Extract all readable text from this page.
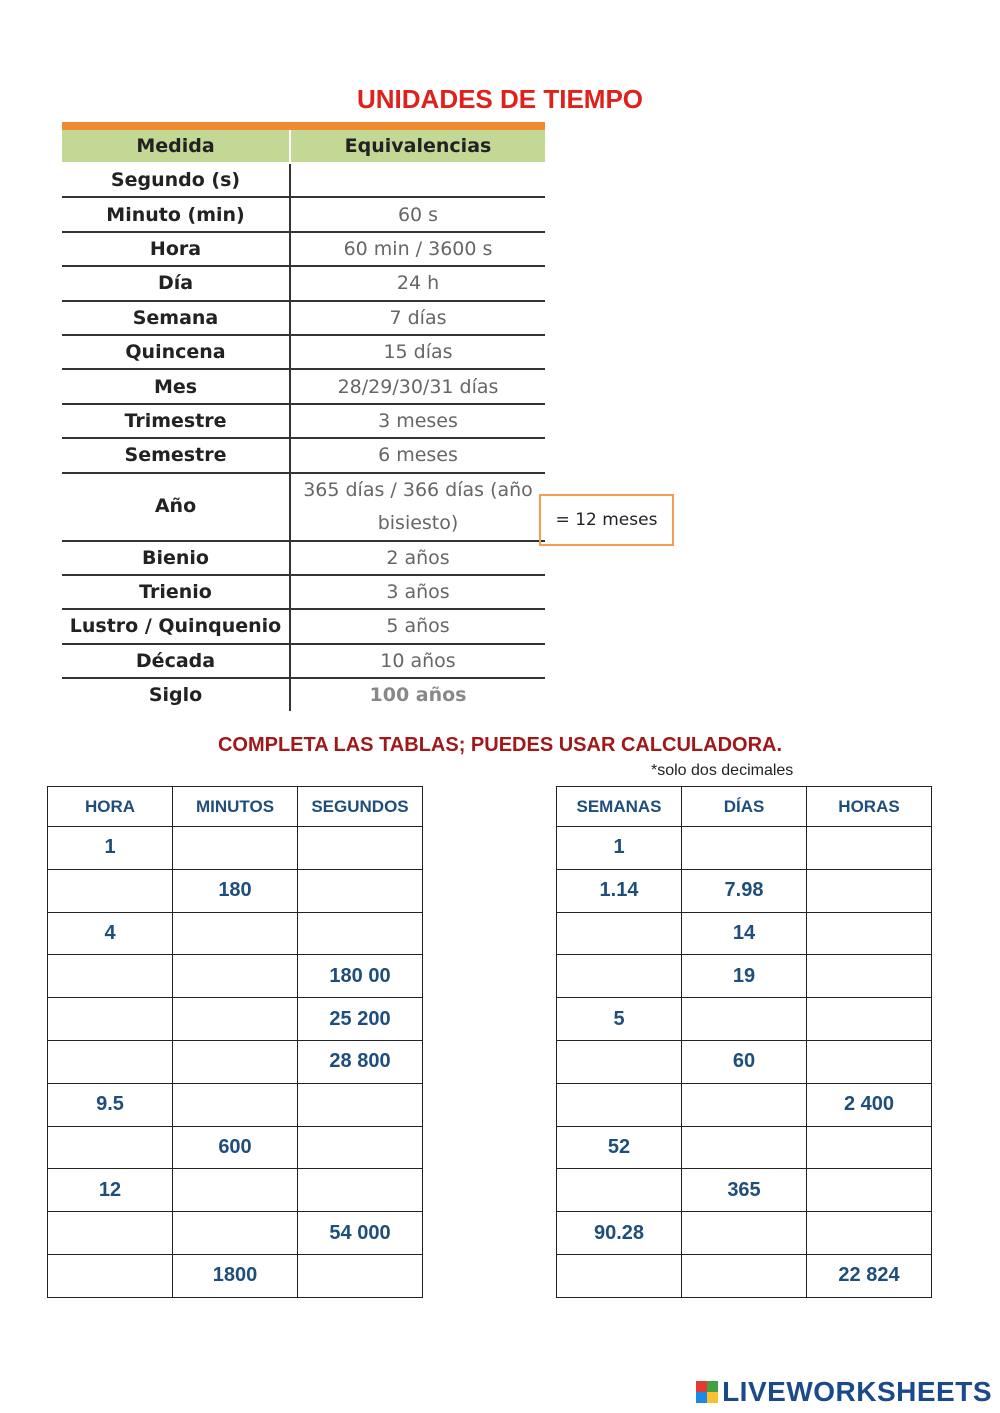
UNIDADES DE TIEMPO
Medida	Equivalencias
Segundo (s)	
Minuto (min)	60 s
Hora	60 min / 3600 s
Día	24 h
Semana	7 días
Quincena	15 días
Mes	28/29/30/31 días
Trimestre	3 meses
Semestre	6 meses
Año	365 días / 366 días (año
bisiesto)
Bienio	2 años
Trienio	3 años
Lustro / Quinquenio	5 años
Década	10 años
Siglo	100 años
= 12 meses
COMPLETA LAS TABLAS; PUEDES USAR CALCULADORA.
*solo dos decimales
HORA	MINUTOS	SEGUNDOS
1		
	180	
4		
		180 00
		25 200
		28 800
9.5		
	600	
12		
		54 000
	1800	
SEMANAS	DÍAS	HORAS
1		
1.14	7.98	
	14	
	19	
5		
	60	
		2 400
52		
	365	
90.28		
		22 824
LIVEWORKSHEETS
